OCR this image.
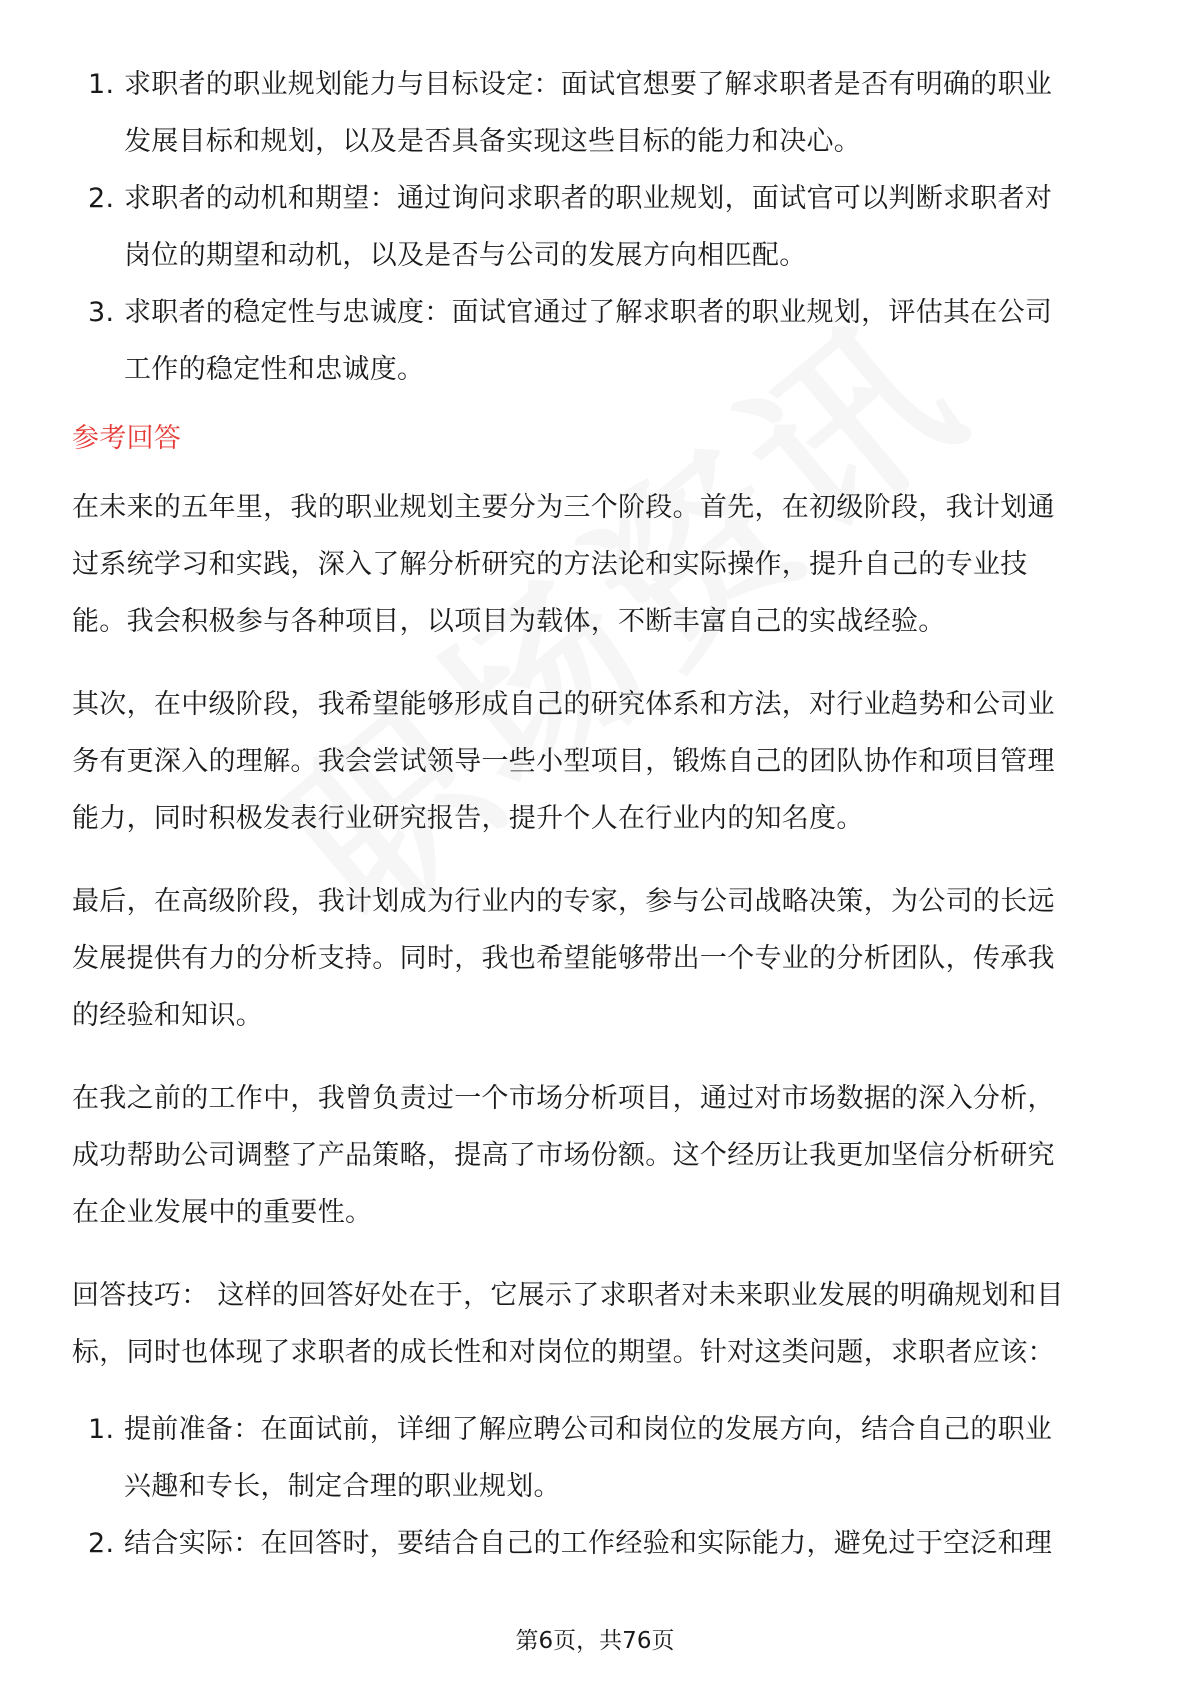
1. 求职者的职业规划能力与目标设定：面试官想要了解求职者是否有明确的职业
发展目标和规划，以及是否具备实现这些目标的能力和决心。
2. 求职者的动机和期望：通过询问求职者的职业规划，面试官可以判断求职者对
岗位的期望和动机，以及是否与公司的发展方向相匹配。
3. 求职者的稳定性与忠诚度：面试官通过了解求职者的职业规划，评估其在公司
工作的稳定性和忠诚度。
参考回答

在未来的五年里，我的职业规划主要分为三个阶段。首先，在初级阶段，我计划通
过系统学习和实践，深入了解分析研究的方法论和实际操作，提升自己的专业技
能。我会积极参与各种项目，以项目为载体，不断丰富自己的实战经验。

其次，在中级阶段，我希望能够形成自己的研究体系和方法，对行业趋势和公司业
务有更深入的理解。我会尝试领导一些小型项目，锻炼自己的团队协作和项目管理
能力，同时积极发表行业研究报告，提升个人在行业内的知名度。

最后，在高级阶段，我计划成为行业内的专家，参与公司战略决策，为公司的长远
发展提供有力的分析支持。同时，我也希望能够带出一个专业的分析团队，传承我
的经验和知识。

在我之前的工作中，我曾负责过一个市场分析项目，通过对市场数据的深入分析，
成功帮助公司调整了产品策略，提高了市场份额。这个经历让我更加坚信分析研究
在企业发展中的重要性。

回答技巧： 这样的回答好处在于，它展示了求职者对未来职业发展的明确规划和目
标，同时也体现了求职者的成长性和对岗位的期望。针对这类问题，求职者应该：

1. 提前准备：在面试前，详细了解应聘公司和岗位的发展方向，结合自己的职业
兴趣和专长，制定合理的职业规划。
2. 结合实际：在回答时，要结合自己的工作经验和实际能力，避免过于空泛和理
第6页，共76页
